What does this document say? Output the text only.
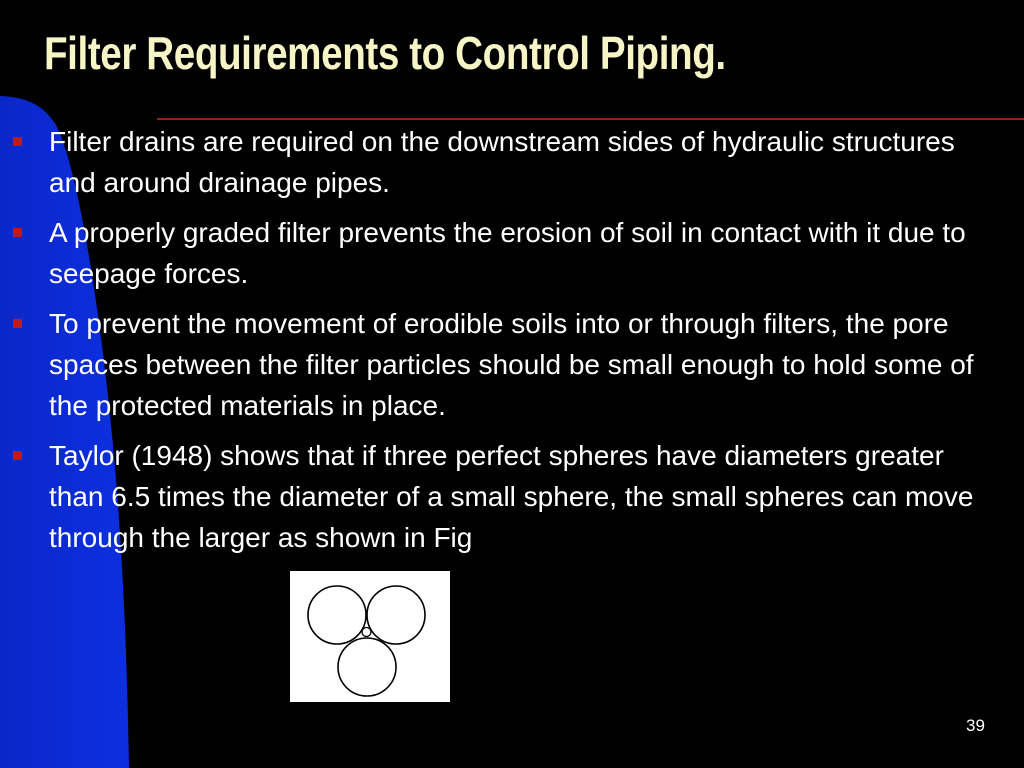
Filter Requirements to Control Piping.
Filter drains are required on the downstream sides of hydraulic structures and around drainage pipes.
A properly graded filter prevents the erosion of soil in contact with it due to seepage forces.
To prevent the movement of erodible soils into or through filters, the pore spaces between the filter particles should be small enough to hold some of the protected materials in place.
Taylor (1948) shows that if three perfect spheres have diameters greater than 6.5 times the diameter of a small sphere, the small spheres can move through the larger as shown in Fig
39
